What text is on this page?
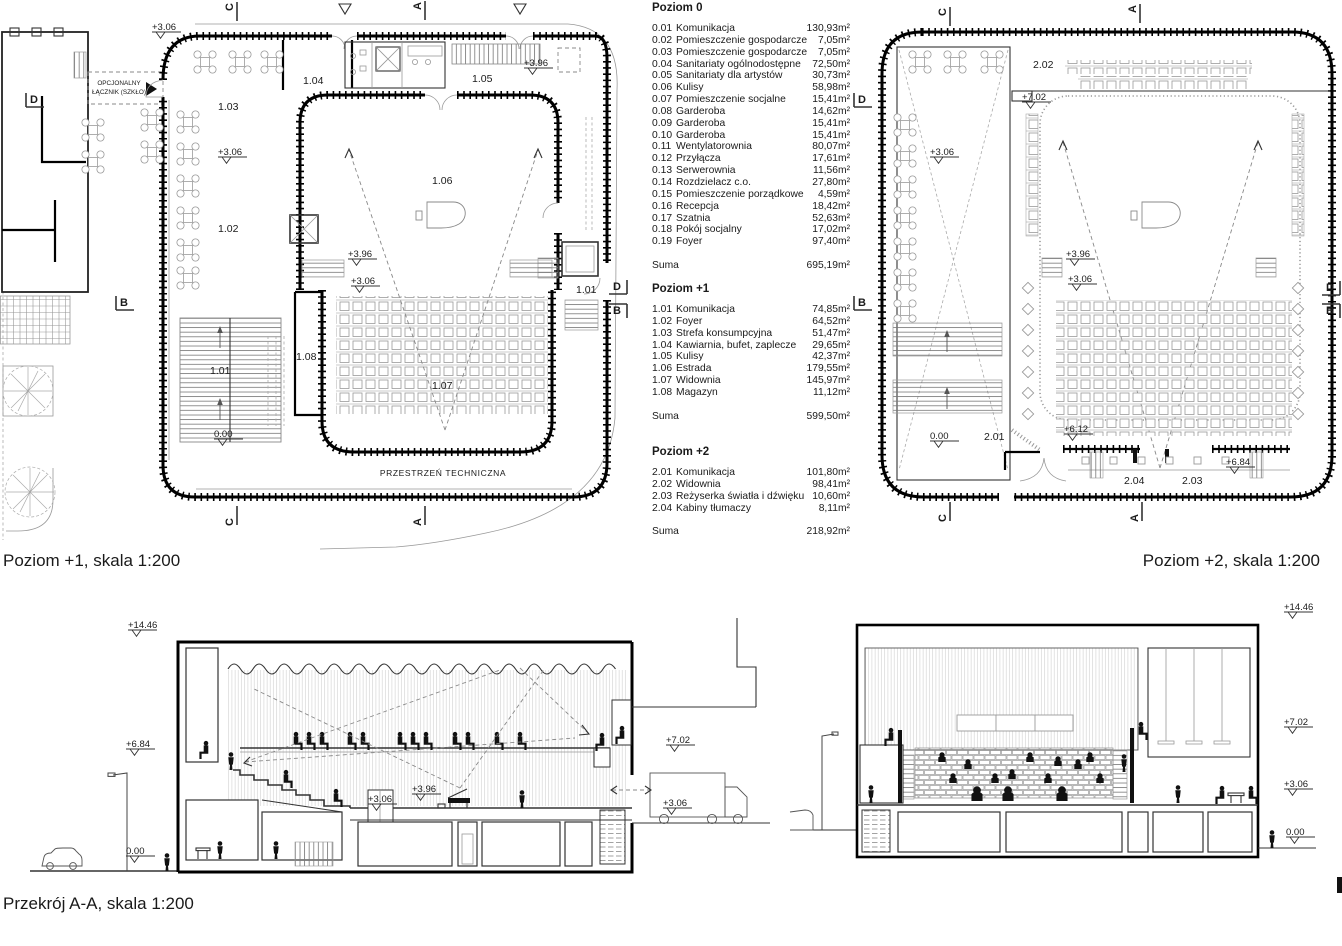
OPCJONALNY
ŁĄCZNIK (SZKŁO)
1.03
1.02
1.04	1.05
1.06
1.07
1.08
1.01
1.01
PRZESTRZEŃ TECHNICZNA
+3.06
+3.06
+3.96
+3.96
+3.06
0.00
C	A
C	A
D
B
D
B
2.02
2.01
2.04	2.03
+7.02
+3.06
+3.96
+3.06
+6.12
0.00
+6.84
C	A
C	A
D
B
D
B
+14.46
+6.84
0.00
+3.06
+3.96
+7.02
+3.06
+14.46
+7.02
+3.06
0.00
Poziom 0
0.01 Komunikacja	130,93m²
0.02 Pomieszczenie gospodarcze	7,05m²
0.03 Pomieszczenie gospodarcze	7,05m²
0.04 Sanitariaty ogólnodostępne	72,50m²
0.05 Sanitariaty dla artystów	30,73m²
0.06 Kulisy	58,98m²
0.07 Pomieszczenie socjalne	15,41m²
0.08 Garderoba	14,62m²
0.09 Garderoba	15,41m²
0.10 Garderoba	15,41m²
0.11 Wentylatorownia	80,07m²
0.12 Przyłącza	17,61m²
0.13 Serwerownia	11,56m²
0.14 Rozdzielacz c.o.	27,80m²
0.15 Pomieszczenie porządkowe	4,59m²
0.16 Recepcja	18,42m²
0.17 Szatnia	52,63m²
0.18 Pokój socjalny	17,02m²
0.19 Foyer	97,40m²
Suma	695,19m²
Poziom +1
1.01 Komunikacja	74,85m²
1.02 Foyer	64,52m²
1.03 Strefa konsumpcyjna	51,47m²
1.04 Kawiarnia, bufet, zaplecze	29,65m²
1.05 Kulisy	42,37m²
1.06 Estrada	179,55m²
1.07 Widownia	145,97m²
1.08 Magazyn	11,12m²
Suma	599,50m²
Poziom +2
2.01 Komunikacja	101,80m²
2.02 Widownia	98,41m²
2.03 Reżyserka światła i dźwięku 10,60m²
2.04 Kabiny tłumaczy	8,11m²
Suma	218,92m²
Poziom +1, skala 1:200	Poziom +2, skala 1:200
Przekrój A-A, skala 1:200
